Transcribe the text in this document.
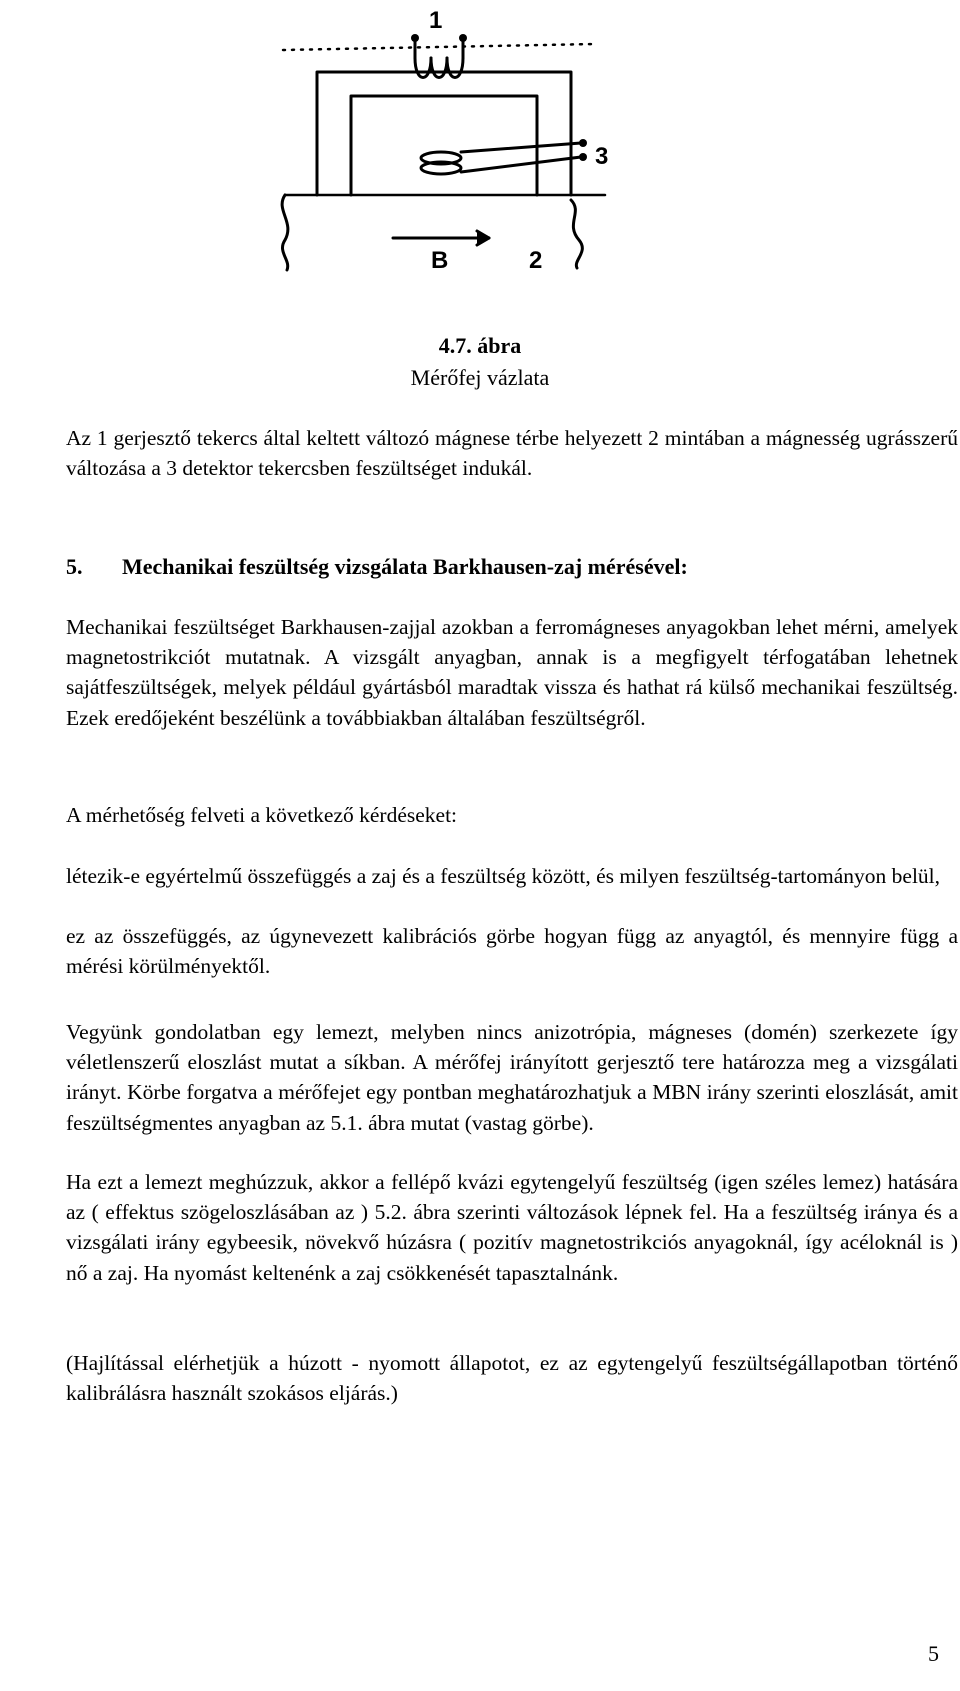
1
3
B	2
4.7. ábra
Mérőfej vázlata

Az 1 gerjesztő tekercs által keltett változó mágnese térbe helyezett 2 mintában a mágnesség ugrásszerű változása a 3 detektor tekercsben feszültséget indukál.

5. Mechanikai feszültség vizsgálata Barkhausen-zaj mérésével:

Mechanikai feszültséget Barkhausen-zajjal azokban a ferromágneses anyagokban lehet mérni, amelyek magnetostrikciót mutatnak. A vizsgált anyagban, annak is a megfigyelt térfogatában lehetnek sajátfeszültségek, melyek például gyártásból maradtak vissza és hathat rá külső mechanikai feszültség. Ezek eredőjeként beszélünk a továbbiakban általában feszültségről.

A mérhetőség felveti a következő kérdéseket:

létezik-e egyértelmű összefüggés a zaj és a feszültség között, és milyen feszültség-tartományon belül,

ez az összefüggés, az úgynevezett kalibrációs görbe hogyan függ az anyagtól, és mennyire függ a mérési körülményektől.

Vegyünk gondolatban egy lemezt, melyben nincs anizotrópia, mágneses (domén) szerkezete így véletlenszerű eloszlást mutat a síkban. A mérőfej irányított gerjesztő tere határozza meg a vizsgálati irányt. Körbe forgatva a mérőfejet egy pontban meghatározhatjuk a MBN irány szerinti eloszlását, amit feszültségmentes anyagban az 5.1. ábra mutat (vastag görbe).

Ha ezt a lemezt meghúzzuk, akkor a fellépő kvázi egytengelyű feszültség (igen széles lemez) hatására az ( effektus szögeloszlásában az ) 5.2. ábra szerinti változások lépnek fel. Ha a feszültség iránya és a vizsgálati irány egybeesik, növekvő húzásra ( pozitív magnetostrikciós anyagoknál, így acéloknál is ) nő a zaj. Ha nyomást keltenénk a zaj csökkenését tapasztalnánk.

(Hajlítással elérhetjük a húzott - nyomott állapotot, ez az egytengelyű feszültségállapotban történő kalibrálásra használt szokásos eljárás.)

5
